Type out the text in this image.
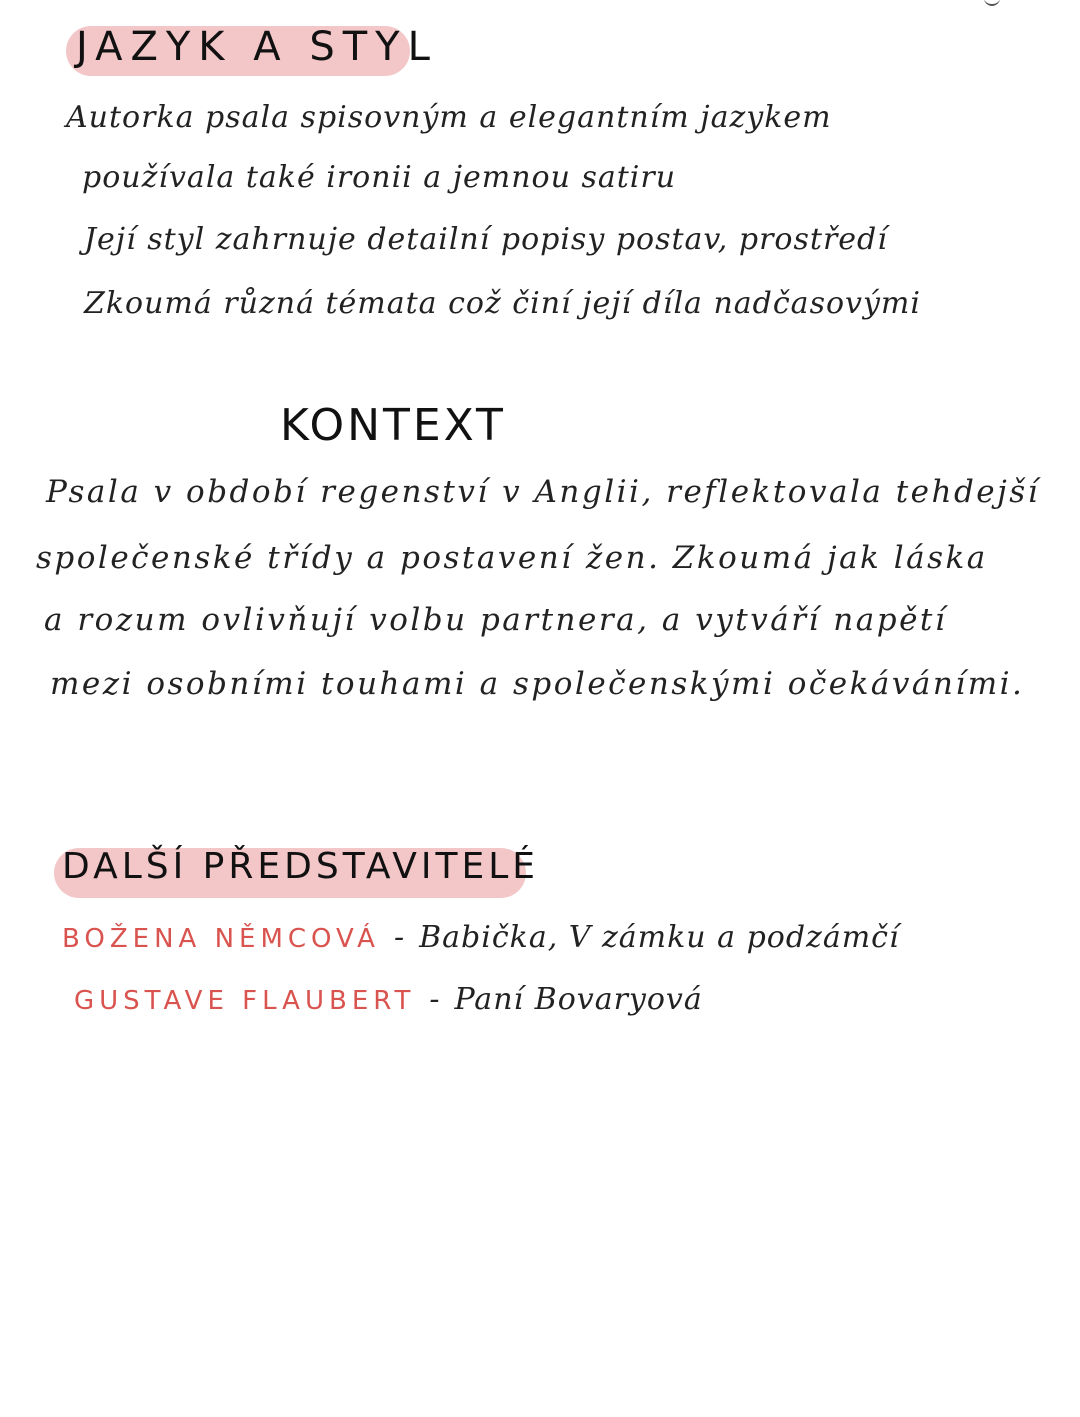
JAZYK A STYL
Autorka psala spisovným a elegantním jazykem
používala také ironii a jemnou satiru
Její styl zahrnuje detailní popisy postav, prostředí
Zkoumá různá témata což činí její díla nadčasovými
KONTEXT
Psala v období regenství v Anglii, reflektovala tehdejší
společenské třídy a postavení žen. Zkoumá jak láska
a rozum ovlivňují volbu partnera, a vytváří napětí
mezi osobními touhami a společenskými očekáváními.
DALŠÍ PŘEDSTAVITELÉ
BOŽENA NĚMCOVÁ - Babička, V zámku a podzámčí
GUSTAVE FLAUBERT - Paní Bovaryová
